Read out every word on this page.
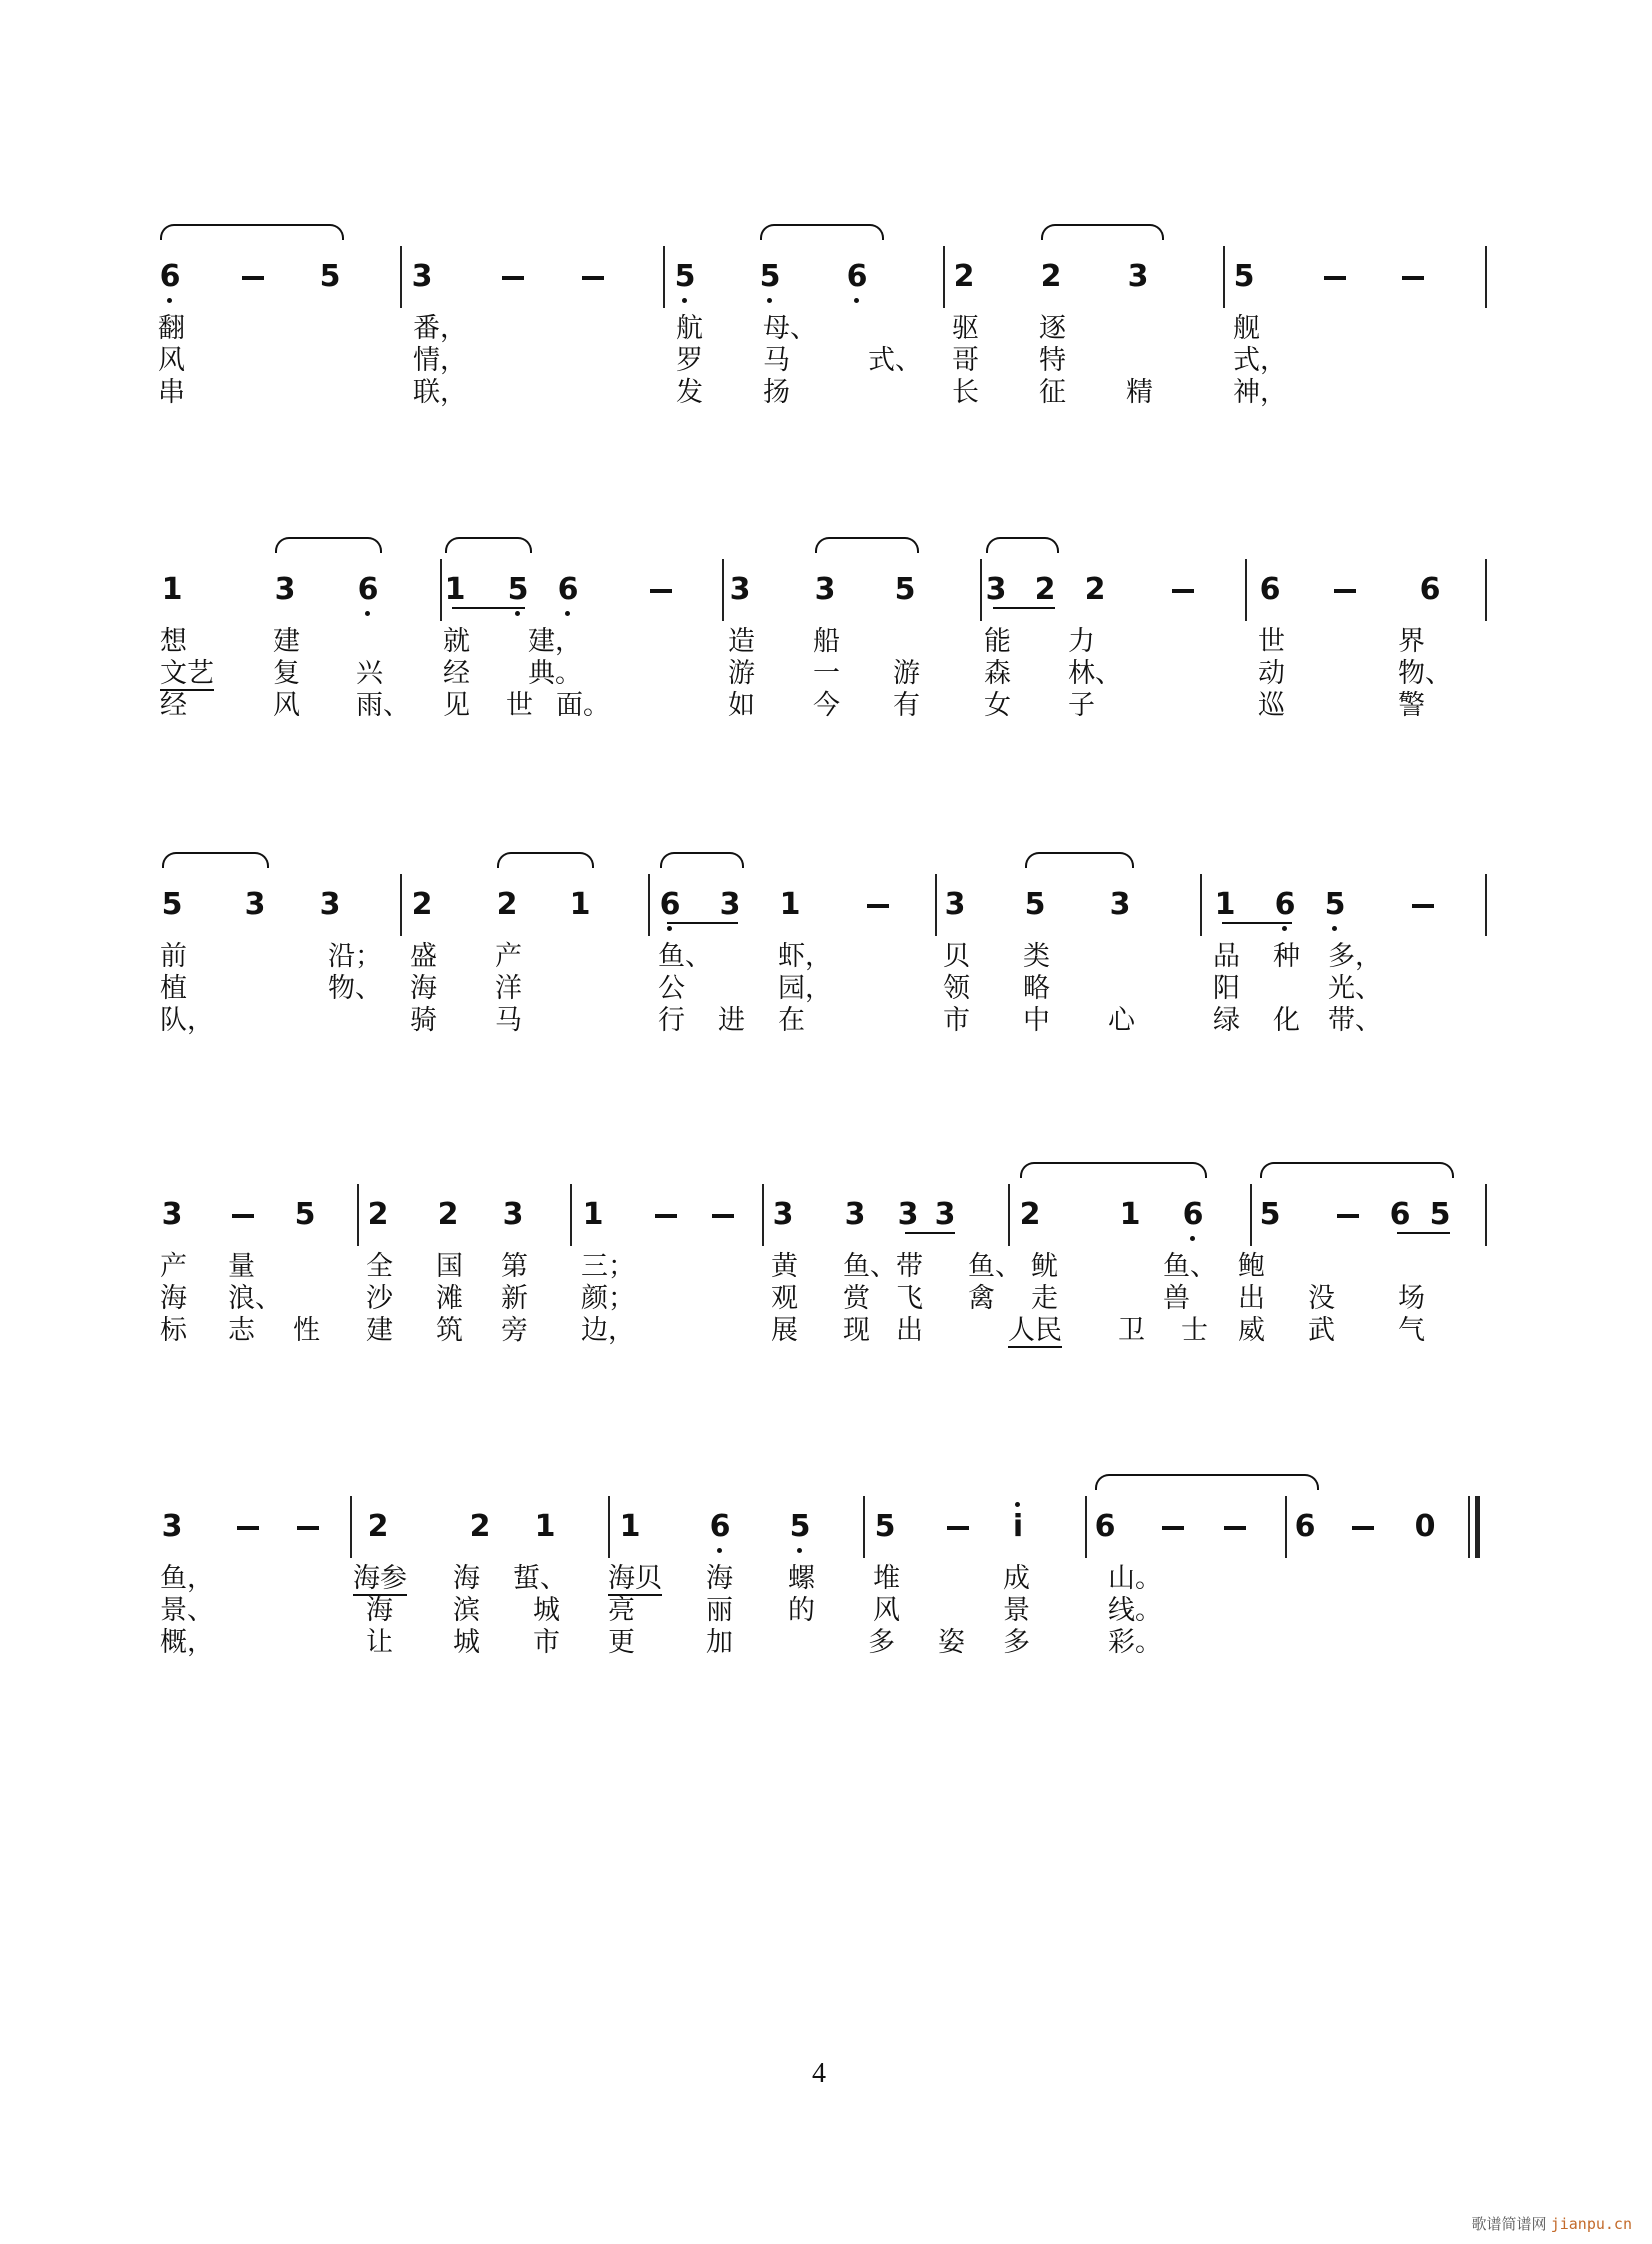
6	5 3	5 5 6	2 2 3	5
翻	番，	航 母、	驱 逐	舰
风	情，	罗 马	式、 哥 特	式，
串	联，	发 扬	长 征 精	神，
1	3 6 1 5 6	3 3 5 3 2 2	6	6
想	建	就 建，	造 船	能 力	世	界
文艺 复 兴 经 典。	游 一 游 森 林、	动	物、
经	风 雨、 见 世 面。	如 今 有 女 子	巡	警
5 3 3 2 2 1 6 3 1	3 5 3	1 6 5
前	沿； 盛 产	鱼、 虾，	贝 类	品 种 多，
植	物、 海 洋	公	园，	领 略	阳	光、
队，	骑 马	行 进 在	市 中 心	绿 化 带、
3	5 2 2 3 1	3 3 3 3 2	1 6 5	6 5
产 量	全 国 第 三；	黄 鱼、 带 鱼、 鱿	鱼、 鲍
海 浪、	沙 滩 新 颜；	观 赏 飞 禽 走	兽 出 没 场
标 志 性 建 筑 旁 边，	展 现 出	人民 卫 士 威 武 气
3	2	2 1 1 6 5 5	i 6	6	0
鱼，	海参 海 蜇、 海贝 海 螺 堆	成	山。
景、	海 滨 城 亮	丽 的 风	景	线。
概，	让 城 市 更	加	多 姿 多	彩。
4
歌谱简谱网 jianpu.cn
